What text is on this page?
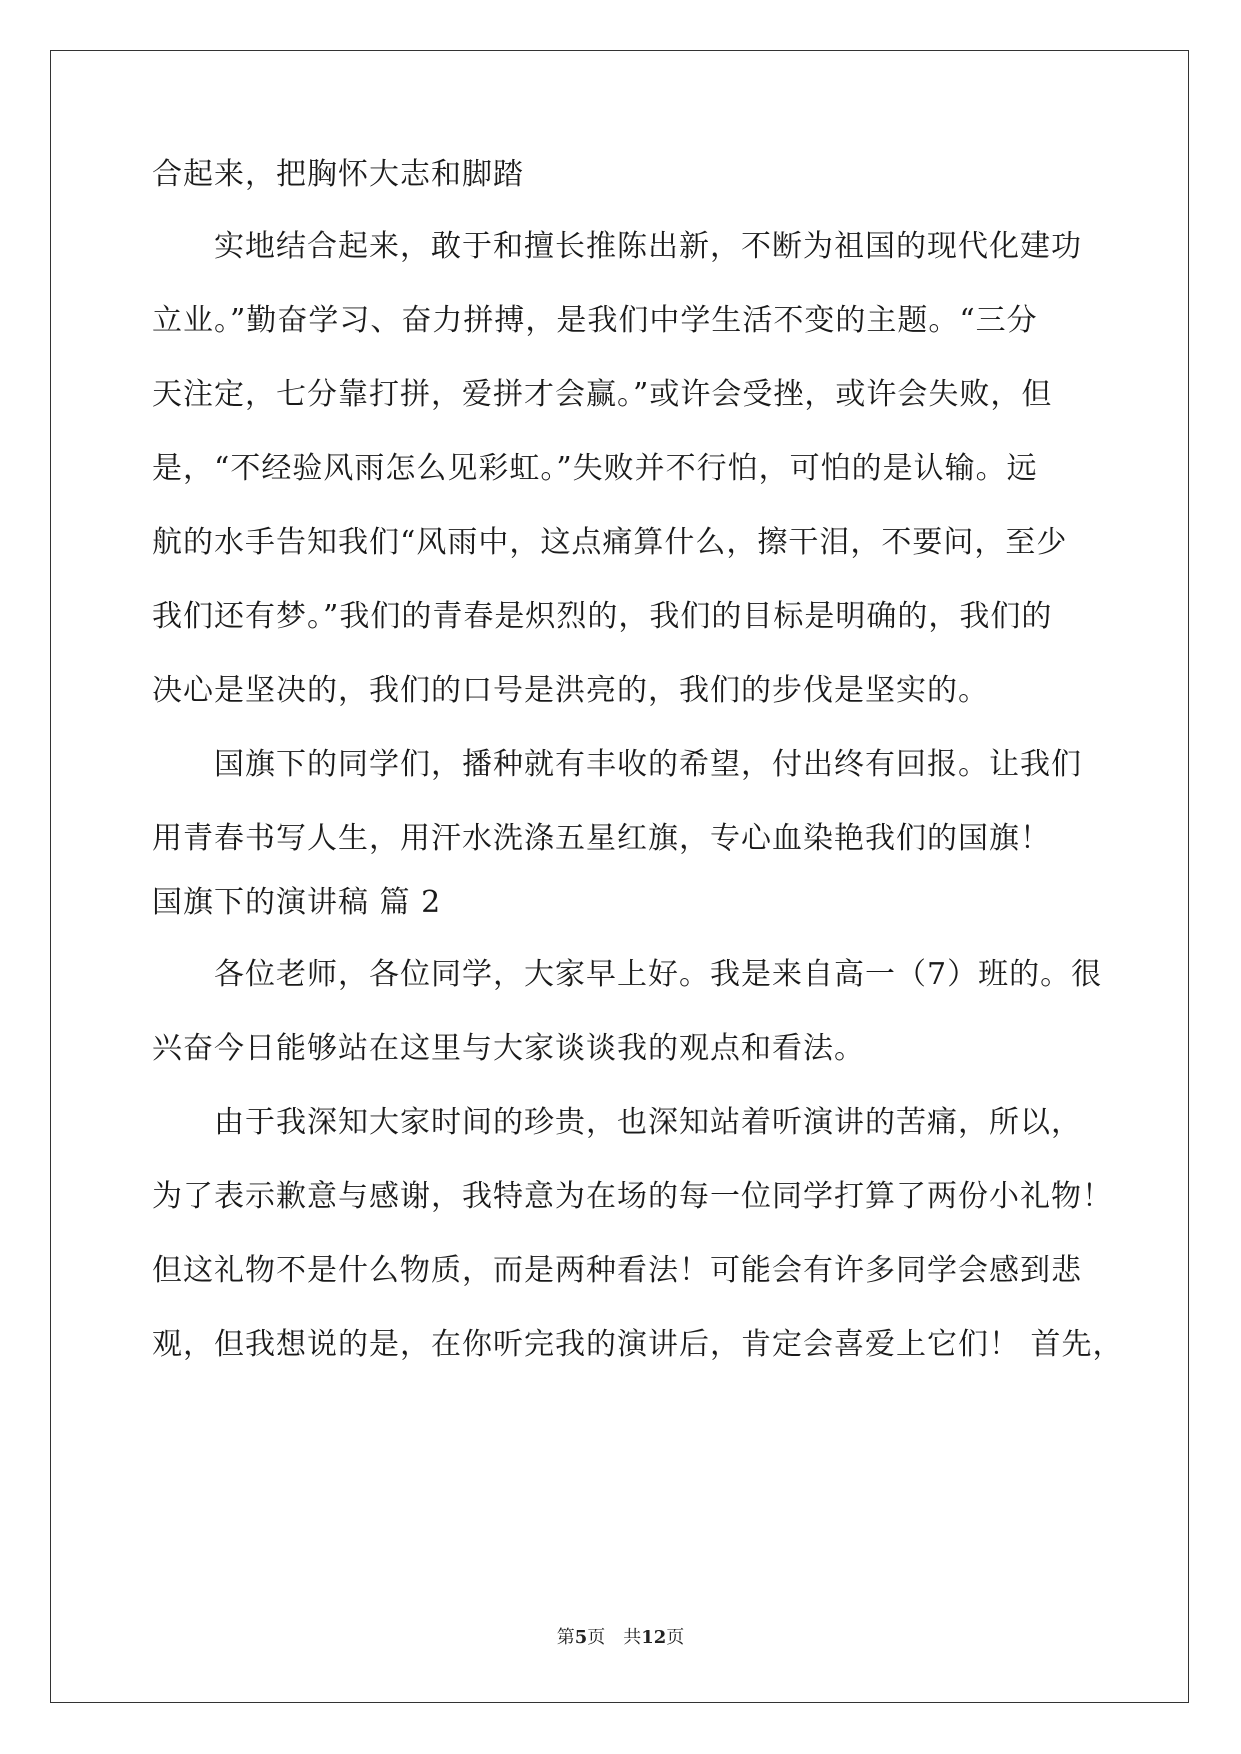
合起来，把胸怀大志和脚踏
实地结合起来，敢于和擅长推陈出新，不断为祖国的现代化建功
立业。”勤奋学习、奋力拼搏，是我们中学生活不变的主题。“三分
天注定，七分靠打拼，爱拼才会赢。”或许会受挫，或许会失败，但
是，“不经验风雨怎么见彩虹。”失败并不行怕，可怕的是认输。远
航的水手告知我们“风雨中，这点痛算什么，擦干泪，不要问，至少
我们还有梦。”我们的青春是炽烈的，我们的目标是明确的，我们的
决心是坚决的，我们的口号是洪亮的，我们的步伐是坚实的。
国旗下的同学们，播种就有丰收的希望，付出终有回报。让我们
用青春书写人生，用汗水洗涤五星红旗，专心血染艳我们的国旗！
国旗下的演讲稿 篇 2
各位老师，各位同学，大家早上好。我是来自高一（7）班的。很
兴奋今日能够站在这里与大家谈谈我的观点和看法。
由于我深知大家时间的珍贵，也深知站着听演讲的苦痛，所以，
为了表示歉意与感谢，我特意为在场的每一位同学打算了两份小礼物！
但这礼物不是什么物质，而是两种看法！可能会有许多同学会感到悲
观，但我想说的是，在你听完我的演讲后，肯定会喜爱上它们！ 首先，
第5页 共12页
